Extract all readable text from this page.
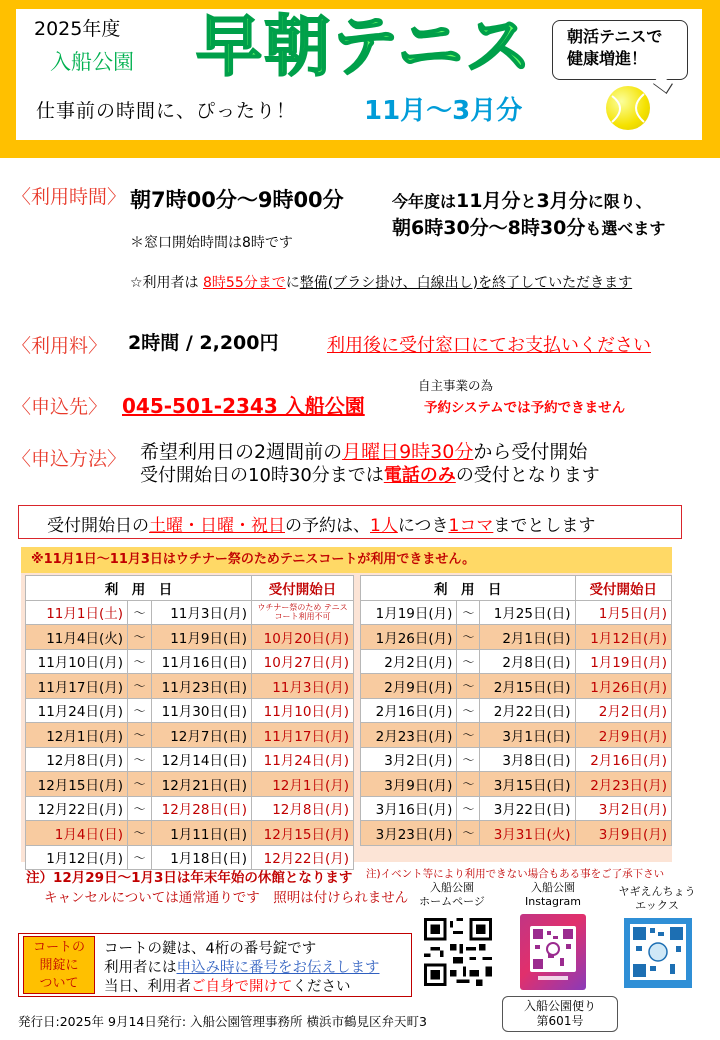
2025年度
入船公園 早朝テニス
仕事前の時間に、ぴったり！	11月～3月分
朝活テニスで
健康増進！
〈利用時間〉 朝7時00分～9時00分	今年度は11月分と3月分に限り、
朝6時30分～8時30分も選べます
＊窓口開始時間は8時です
☆利用者は 8時55分までに整備(ブラシ掛け、白線出し)を終了していただきます
〈利用料〉 2時間 / 2,200円	利用後に受付窓口にてお支払いください
〈申込先〉 045-501-2343 入船公園
自主事業の為
予約システムでは予約できません
〈申込方法〉 希望利用日の2週間前の月曜日9時30分から受付開始
受付開始日の10時30分までは電話のみの受付となります
受付開始日の土曜・日曜・祝日の予約は、1人につき1コマまでとします
※11月1日～11月3日はウチナー祭のためテニスコートが利用できません。
利　用　日			受付開始日
11月1日(土)	～	11月3日(月)	ウチナー祭のため テニスコート利用不可
11月4日(火)	～	11月9日(日)	10月20日(月)
11月10日(月)	～	11月16日(日)	10月27日(月)
11月17日(月)	～	11月23日(日)	11月3日(月)
11月24日(月)	～	11月30日(日)	11月10日(月)
12月1日(月)	～	12月7日(日)	11月17日(月)
12月8日(月)	～	12月14日(日)	11月24日(月)
12月15日(月)	～	12月21日(日)	12月1日(月)
12月22日(月)	～	12月28日(日)	12月8日(月)
1月4日(日)	～	1月11日(日)	12月15日(月)
1月12日(月)	～	1月18日(日)	12月22日(月)
利　用　日			受付開始日
1月19日(月)	～	1月25日(日)	1月5日(月)
1月26日(月)	～	2月1日(日)	1月12日(月)
2月2日(月)	～	2月8日(日)	1月19日(月)
2月9日(月)	～	2月15日(日)	1月26日(月)
2月16日(月)	～	2月22日(日)	2月2日(月)
2月23日(月)	～	3月1日(日)	2月9日(月)
3月2日(月)	～	3月8日(日)	2月16日(月)
3月9日(月)	～	3月15日(日)	2月23日(月)
3月16日(月)	～	3月22日(日)	3月2日(月)
3月23日(月)	～	3月31日(火)	3月9日(月)
注）12月29日～1月3日は年末年始の休館となります 注)イベント等により利用できない場合もある事をご了承下さい
キャンセルについては通常通りです　照明は付けられません
入船公園
ホームページ
入船公園
Instagram
ヤギえんちょう
エックス
コートの
開錠に
ついて
コートの鍵は、4桁の番号錠です
利用者には申込み時に番号をお伝えします
当日、利用者ご自身で開けてください
発行日:2025年 9月14日発行: 入船公園管理事務所 横浜市鶴見区弁天町3
入船公園便り
第601号
